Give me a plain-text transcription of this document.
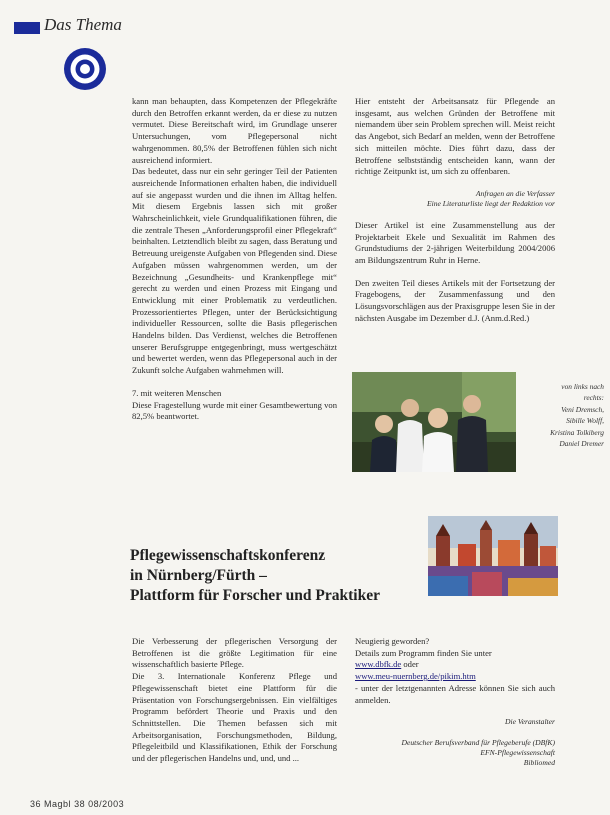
Das Thema

kann man behaupten, dass Kompetenzen der Pflegekräfte durch den Betroffen erkannt werden, da er diese zu nutzen vermutet. Diese Bereitschaft wird, im Grundlage unserer Untersuchungen, vom Pflegepersonal nicht wahrgenommen. 80,5% der Betroffenen fühlen sich nicht ausreichend informiert.

Das bedeutet, dass nur ein sehr geringer Teil der Patienten ausreichende Informationen erhalten haben, die individuell auf sie angepasst wurden und die ihnen im Alltag helfen. Mit diesem Ergebnis lassen sich mit großer Wahrscheinlichkeit, viele Grundqualifikationen führen, die die zentrale Thesen „Anforderungsprofil einer Pflegekraft“ beinhalten. Letztendlich bleibt zu sagen, dass Beratung und Betreuung ureigenste Aufgaben von Pflegenden sind. Diese Aufgaben müssen wahrgenommen werden, um der Bezeichnung „Gesundheits- und Krankenpflege mit“ gerecht zu werden und einen Prozess mit Eingang und Entwicklung mit einer Problematik zu verdeutlichen. Prozessorientiertes Pflegen, unter der Berücksichtigung individueller Ressourcen, sollte die Basis pflegerischen Handelns bilden. Das Verdienst, welches die Betroffenen unserer Berufsgruppe entgegenbringt, muss wertgeschätzt und bewertet werden, wenn das Pflegepersonal auch in der Zukunft solche Aufgaben wahrnehmen will.

7. mit weiteren Menschen

Diese Fragestellung wurde mit einer Gesamtbewertung von 82,5% beantwortet.

Hier entsteht der Arbeitsansatz für Pflegende an insgesamt, aus welchen Gründen der Betroffene mit niemandem über sein Problem sprechen will. Meist reicht das Angebot, sich Bedarf an melden, wenn der Betroffene sich mitteilen möchte. Dies führt dazu, dass der Betroffene selbstständig entscheiden kann, wann der richtige Zeitpunkt ist, um sich zu offenbaren.

Anfragen an die Verfasser
Eine Literaturliste liegt der Redaktion vor

Dieser Artikel ist eine Zusammenstellung aus der Projektarbeit Ekele und Sexualität im Rahmen des Grundstudiums der 2-jährigen Weiterbildung 2004/2006 am Bildungszentrum Ruhr in Herne.

Den zweiten Teil dieses Artikels mit der Fortsetzung der Fragebogens, der Zusammenfassung und den Lösungsvorschlägen aus der Praxisgruppe lesen Sie in der nächsten Ausgabe im Dezember d.J. (Anm.d.Red.)

von links nach
rechts:
Veni Dremsch,
Sibille Wolff,
Kristina Tolkiberg
Daniel Dremer
Pflegewissenschaftskonferenz
in Nürnberg/Fürth –
Plattform für Forscher und Praktiker

Die Verbesserung der pflegerischen Versorgung der Betroffenen ist die größte Legitimation für eine wissenschaftlich basierte Pflege.

Die 3. Internationale Konferenz Pflege und Pflegewissenschaft bietet eine Plattform für die Präsentation von Forschungsergebnissen. Ein vielfältiges Programm befördert Theorie und Praxis und den Schnittstellen. Die Themen befassen sich mit Arbeitsorganisation, Forschungsmethoden, Bildung, Pflegeleitbild und Klassifikationen, Ethik der Forschung und der pflegerischen Handelns und, und, und ...

Neugierig geworden?

Details zum Programm finden Sie unter

www.dbfk.de oder

www.meu-nuernberg.de/pikim.htm

- unter der letztgenannten Adresse können Sie sich auch anmelden.

Die Veranstalter
Deutscher Berufsverband für Pflegeberufe (DBfK)
EFN-Pflegewissenschaft
Bibliomed
36 Magbl 38 08/2003
